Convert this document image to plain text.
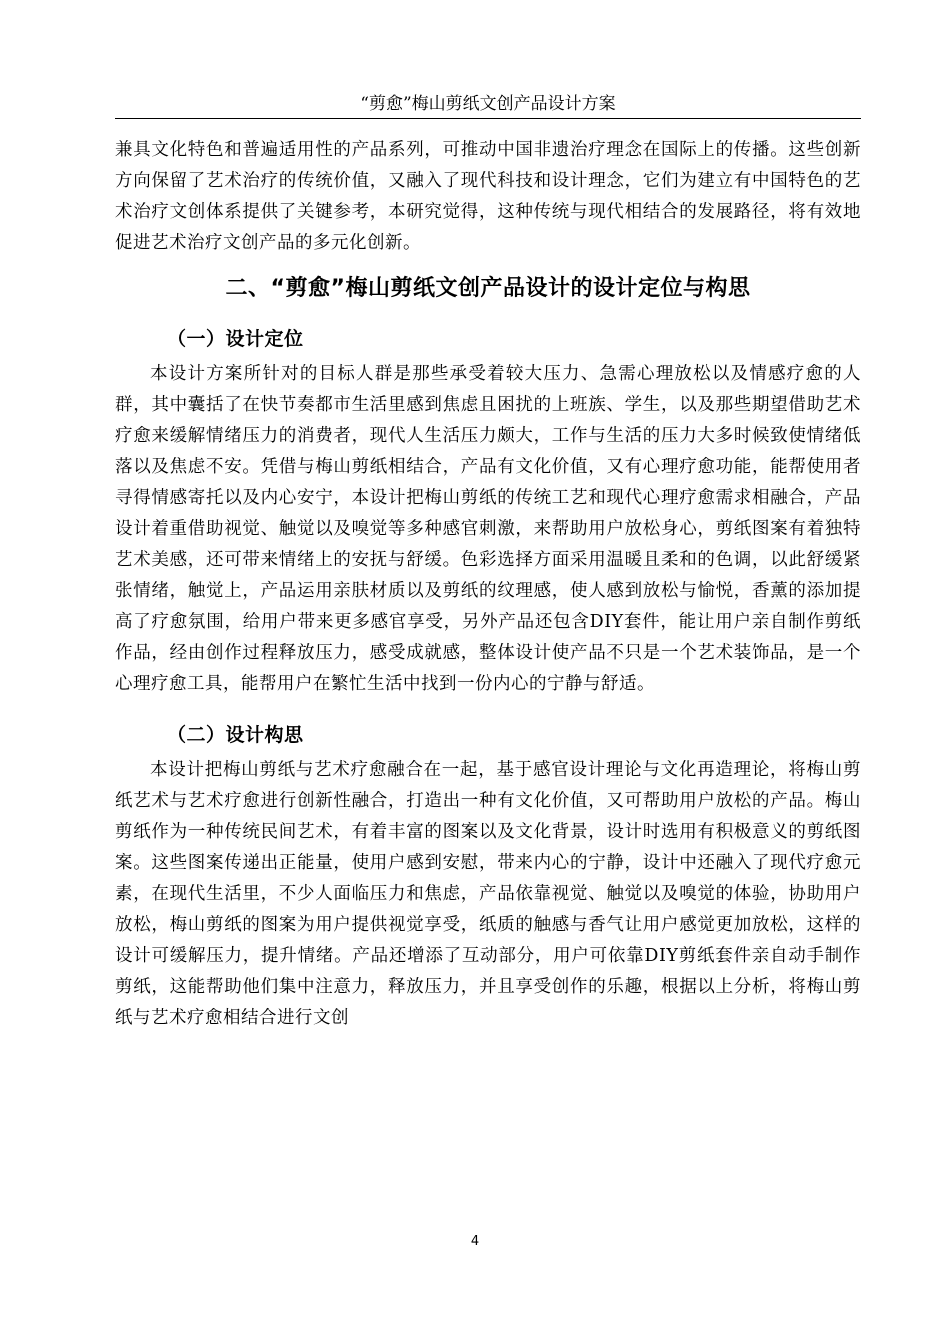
“剪愈”梅山剪纸文创产品设计方案

兼具文化特色和普遍适用性的产品系列，可推动中国非遗治疗理念在国际上的传播。这些创新方向保留了艺术治疗的传统价值，又融入了现代科技和设计理念，它们为建立有中国特色的艺术治疗文创体系提供了关键参考，本研究觉得，这种传统与现代相结合的发展路径，将有效地促进艺术治疗文创产品的多元化创新。

二、“剪愈”梅山剪纸文创产品设计的设计定位与构思
（一）设计定位

本设计方案所针对的目标人群是那些承受着较大压力、急需心理放松以及情感疗愈的人群，其中囊括了在快节奏都市生活里感到焦虑且困扰的上班族、学生，以及那些期望借助艺术疗愈来缓解情绪压力的消费者，现代人生活压力颇大，工作与生活的压力大多时候致使情绪低落以及焦虑不安。凭借与梅山剪纸相结合，产品有文化价值，又有心理疗愈功能，能帮使用者寻得情感寄托以及内心安宁，本设计把梅山剪纸的传统工艺和现代心理疗愈需求相融合，产品设计着重借助视觉、触觉以及嗅觉等多种感官刺激，来帮助用户放松身心，剪纸图案有着独特艺术美感，还可带来情绪上的安抚与舒缓。色彩选择方面采用温暖且柔和的色调，以此舒缓紧张情绪，触觉上，产品运用亲肤材质以及剪纸的纹理感，使人感到放松与愉悦，香薰的添加提高了疗愈氛围，给用户带来更多感官享受，另外产品还包含DIY套件，能让用户亲自制作剪纸作品，经由创作过程释放压力，感受成就感，整体设计使产品不只是一个艺术装饰品，是一个心理疗愈工具，能帮用户在繁忙生活中找到一份内心的宁静与舒适。

（二）设计构思

本设计把梅山剪纸与艺术疗愈融合在一起，基于感官设计理论与文化再造理论，将梅山剪纸艺术与艺术疗愈进行创新性融合，打造出一种有文化价值，又可帮助用户放松的产品。梅山剪纸作为一种传统民间艺术，有着丰富的图案以及文化背景，设计时选用有积极意义的剪纸图案。这些图案传递出正能量，使用户感到安慰，带来内心的宁静，设计中还融入了现代疗愈元素，在现代生活里，不少人面临压力和焦虑，产品依靠视觉、触觉以及嗅觉的体验，协助用户放松，梅山剪纸的图案为用户提供视觉享受，纸质的触感与香气让用户感觉更加放松，这样的设计可缓解压力，提升情绪。产品还增添了互动部分，用户可依靠DIY剪纸套件亲自动手制作剪纸，这能帮助他们集中注意力，释放压力，并且享受创作的乐趣，根据以上分析，将梅山剪纸与艺术疗愈相结合进行文创

4
